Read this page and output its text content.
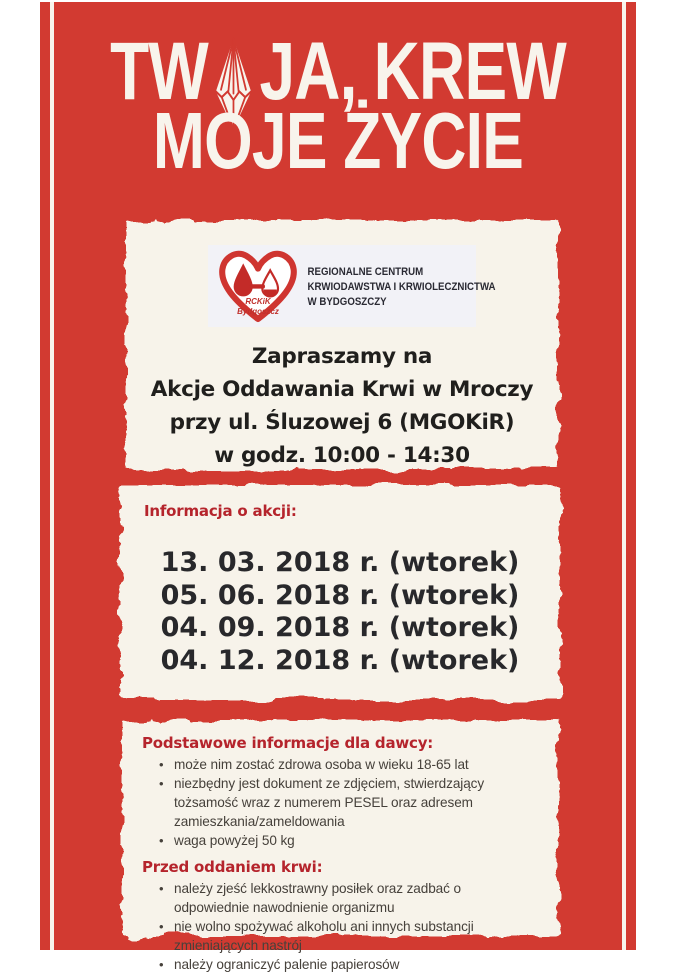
TW JA, KREW
MOJE ŻYCIE
RCKiK
Bydgoszcz
REGIONALNE CENTRUM
KRWIODAWSTWA I KRWIOLECZNICTWA
W BYDGOSZCZY
Zapraszamy na
Akcje Oddawania Krwi w Mroczy
przy ul. Śluzowej 6 (MGOKiR)
w godz. 10:00 - 14:30
Informacja o akcji:
13. 03. 2018 r. (wtorek)
05. 06. 2018 r. (wtorek)
04. 09. 2018 r. (wtorek)
04. 12. 2018 r. (wtorek)
Podstawowe informacje dla dawcy:
• może nim zostać zdrowa osoba w wieku 18-65 lat
• niezbędny jest dokument ze zdjęciem, stwierdzający tożsamość wraz z numerem PESEL oraz adresem zamieszkania/zameldowania
• waga powyżej 50 kg
Przed oddaniem krwi:
• należy zjeść lekkostrawny posiłek oraz zadbać o odpowiednie nawodnienie organizmu
• nie wolno spożywać alkoholu ani innych substancji zmieniających nastrój
• należy ograniczyć palenie papierosów
